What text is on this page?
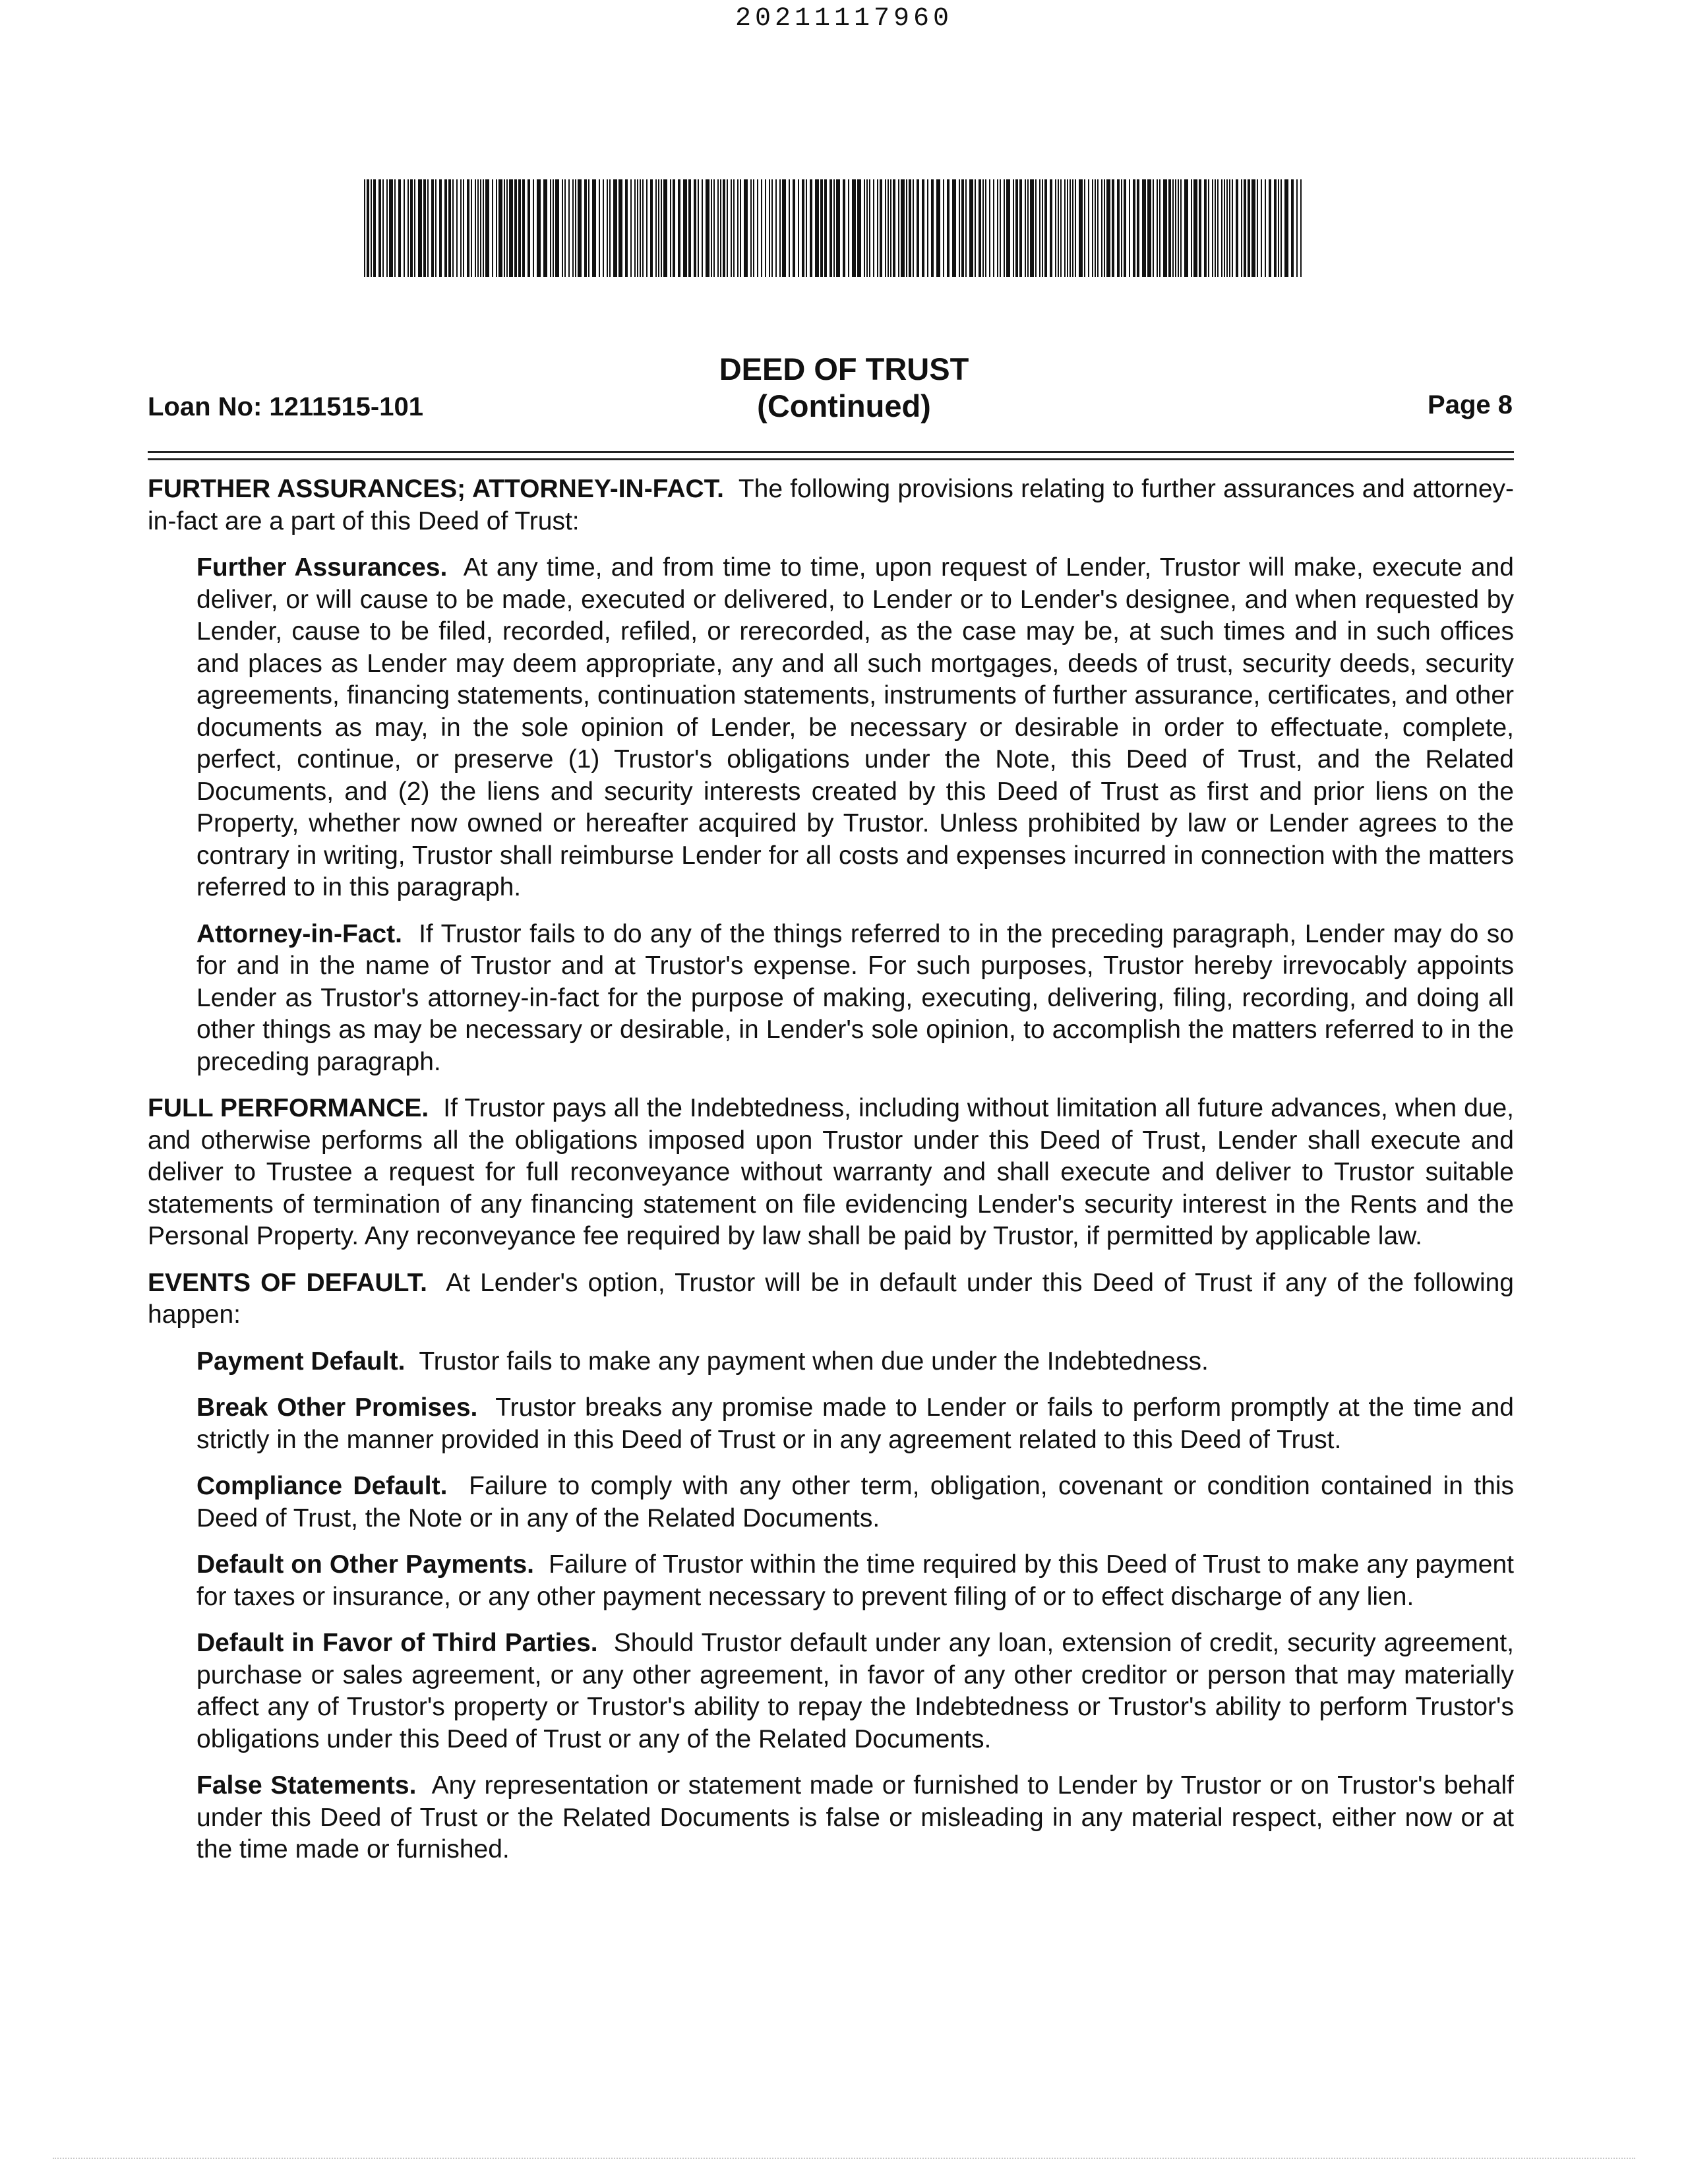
20211117960
DEED OF TRUST
(Continued)
Loan No: 1211515-101	Page 8

FURTHER ASSURANCES; ATTORNEY-IN-FACT. The following provisions relating to further assurances and attorney-in-fact are a part of this Deed of Trust:

Further Assurances. At any time, and from time to time, upon request of Lender, Trustor will make, execute and deliver, or will cause to be made, executed or delivered, to Lender or to Lender's designee, and when requested by Lender, cause to be filed, recorded, refiled, or rerecorded, as the case may be, at such times and in such offices and places as Lender may deem appropriate, any and all such mortgages, deeds of trust, security deeds, security agreements, financing statements, continuation statements, instruments of further assurance, certificates, and other documents as may, in the sole opinion of Lender, be necessary or desirable in order to effectuate, complete, perfect, continue, or preserve (1) Trustor's obligations under the Note, this Deed of Trust, and the Related Documents, and (2) the liens and security interests created by this Deed of Trust as first and prior liens on the Property, whether now owned or hereafter acquired by Trustor. Unless prohibited by law or Lender agrees to the contrary in writing, Trustor shall reimburse Lender for all costs and expenses incurred in connection with the matters referred to in this paragraph.

Attorney-in-Fact. If Trustor fails to do any of the things referred to in the preceding paragraph, Lender may do so for and in the name of Trustor and at Trustor's expense. For such purposes, Trustor hereby irrevocably appoints Lender as Trustor's attorney-in-fact for the purpose of making, executing, delivering, filing, recording, and doing all other things as may be necessary or desirable, in Lender's sole opinion, to accomplish the matters referred to in the preceding paragraph.

FULL PERFORMANCE. If Trustor pays all the Indebtedness, including without limitation all future advances, when due, and otherwise performs all the obligations imposed upon Trustor under this Deed of Trust, Lender shall execute and deliver to Trustee a request for full reconveyance without warranty and shall execute and deliver to Trustor suitable statements of termination of any financing statement on file evidencing Lender's security interest in the Rents and the Personal Property. Any reconveyance fee required by law shall be paid by Trustor, if permitted by applicable law.

EVENTS OF DEFAULT. At Lender's option, Trustor will be in default under this Deed of Trust if any of the following happen:

Payment Default. Trustor fails to make any payment when due under the Indebtedness.

Break Other Promises. Trustor breaks any promise made to Lender or fails to perform promptly at the time and strictly in the manner provided in this Deed of Trust or in any agreement related to this Deed of Trust.

Compliance Default. Failure to comply with any other term, obligation, covenant or condition contained in this Deed of Trust, the Note or in any of the Related Documents.

Default on Other Payments. Failure of Trustor within the time required by this Deed of Trust to make any payment for taxes or insurance, or any other payment necessary to prevent filing of or to effect discharge of any lien.

Default in Favor of Third Parties. Should Trustor default under any loan, extension of credit, security agreement, purchase or sales agreement, or any other agreement, in favor of any other creditor or person that may materially affect any of Trustor's property or Trustor's ability to repay the Indebtedness or Trustor's ability to perform Trustor's obligations under this Deed of Trust or any of the Related Documents.

False Statements. Any representation or statement made or furnished to Lender by Trustor or on Trustor's behalf under this Deed of Trust or the Related Documents is false or misleading in any material respect, either now or at the time made or furnished.
